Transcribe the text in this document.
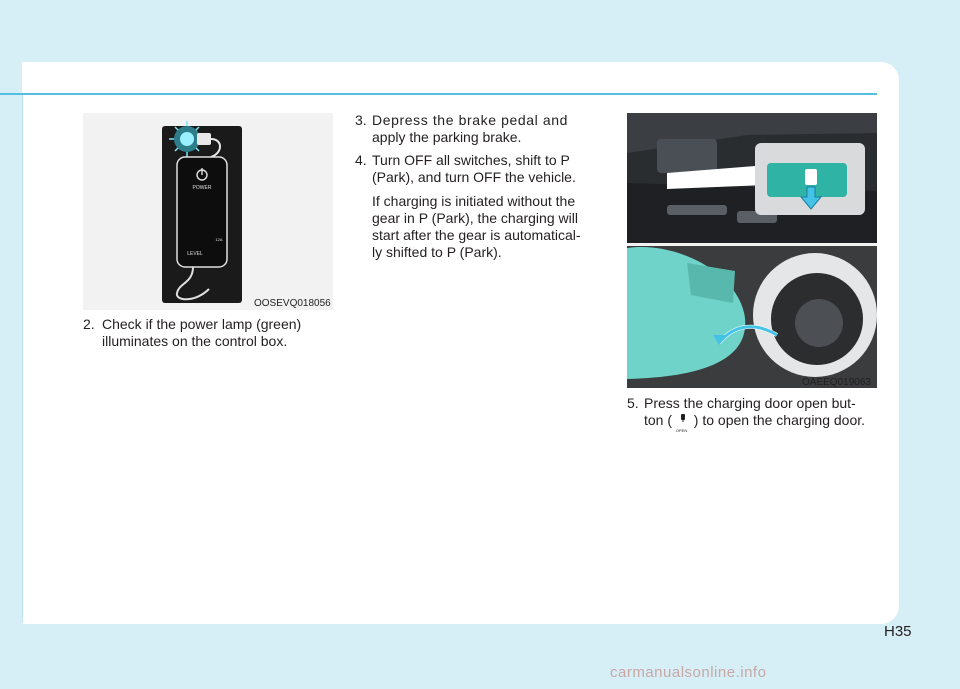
POWER
12A
LEVEL
OOSEVQ018056
2. Check if the power lamp (green)

illuminates on the control box.

3. Depress the brake pedal and

apply the parking brake.

4. Turn OFF all switches, shift to P

(Park), and turn OFF the vehicle.

If charging is initiated without the

gear in P (Park), the charging will

start after the gear is automatical-

ly shifted to P (Park).

OAEEQ019063
5. Press the charging door open but-

ton (
OPEN
) to open the charging door.

H35
carmanualsonline.info
